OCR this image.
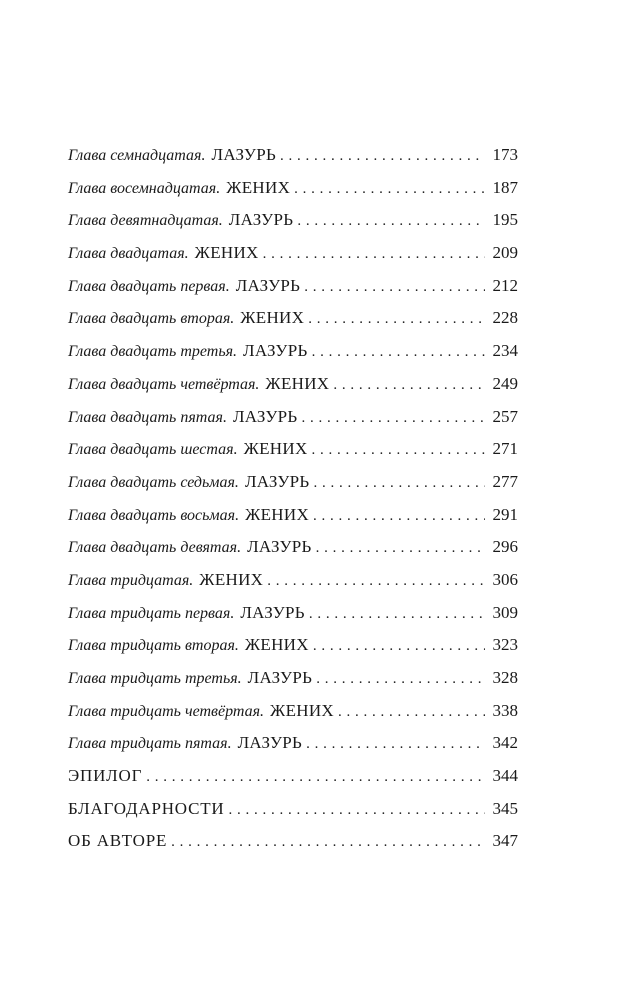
Глава семнадцатая. ЛАЗУРЬ . . .	173
Глава восемнадцатая. ЖЕНИХ . . .	187
Глава девятнадцатая. ЛАЗУРЬ . . .	195
Глава двадцатая. ЖЕНИХ . . .	209
Глава двадцать первая. ЛАЗУРЬ . . .	212
Глава двадцать вторая. ЖЕНИХ . . .	228
Глава двадцать третья. ЛАЗУРЬ . . .	234
Глава двадцать четвёртая. ЖЕНИХ . . .	249
Глава двадцать пятая. ЛАЗУРЬ . . .	257
Глава двадцать шестая. ЖЕНИХ . . .	271
Глава двадцать седьмая. ЛАЗУРЬ . . .	277
Глава двадцать восьмая. ЖЕНИХ . . .	291
Глава двадцать девятая. ЛАЗУРЬ . . .	296
Глава тридцатая. ЖЕНИХ . . .	306
Глава тридцать первая. ЛАЗУРЬ . . .	309
Глава тридцать вторая. ЖЕНИХ . . .	323
Глава тридцать третья. ЛАЗУРЬ . . .	328
Глава тридцать четвёртая. ЖЕНИХ . . .	338
Глава тридцать пятая. ЛАЗУРЬ . . .	342
ЭПИЛОГ . . .	344
БЛАГОДАРНОСТИ . . .	345
ОБ АВТОРЕ . . .	347
